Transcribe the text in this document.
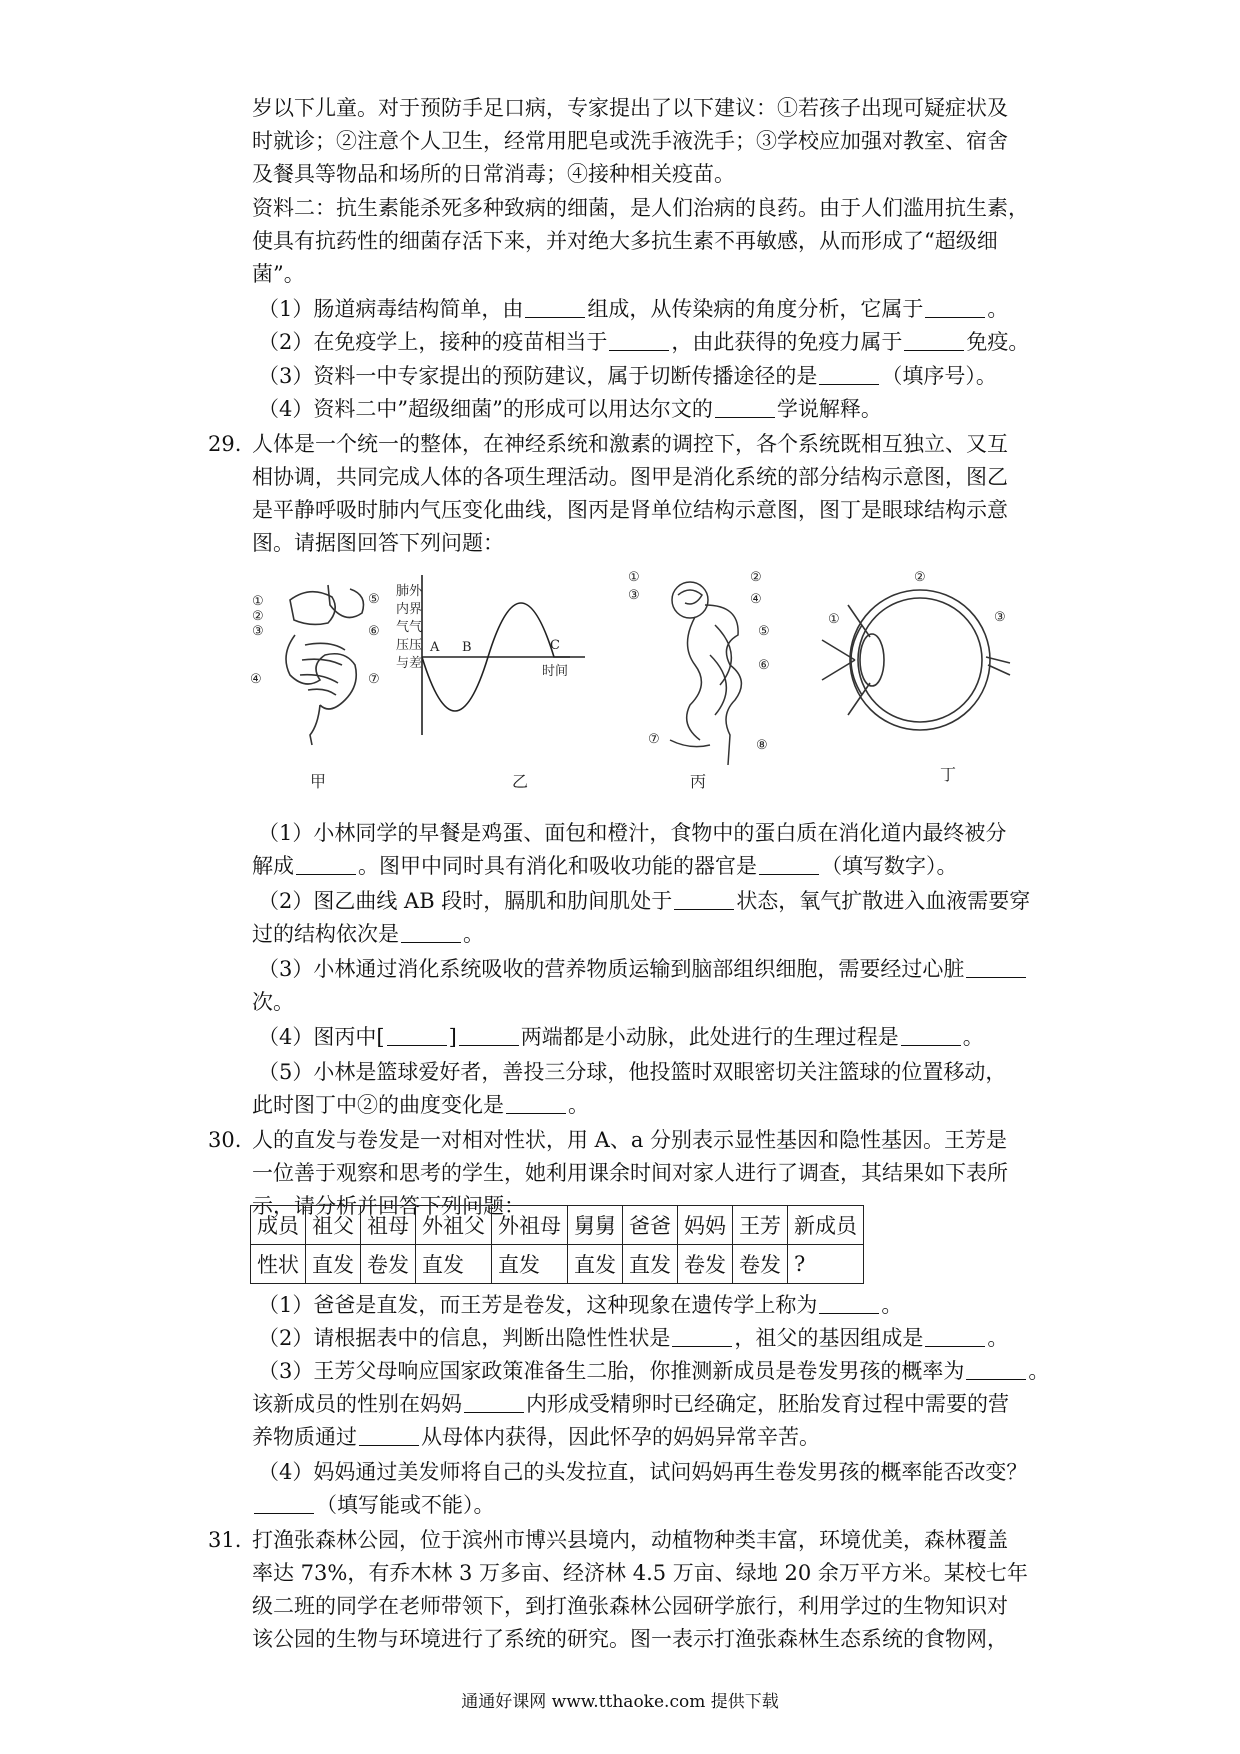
岁以下儿童。对于预防手足口病，专家提出了以下建议：①若孩子出现可疑症状及
时就诊；②注意个人卫生，经常用肥皂或洗手液洗手；③学校应加强对教室、宿舍
及餐具等物品和场所的日常消毒；④接种相关疫苗。
资料二：抗生素能杀死多种致病的细菌，是人们治病的良药。由于人们滥用抗生素，
使具有抗药性的细菌存活下来，并对绝大多抗生素不再敏感，从而形成了“超级细
菌”。
（1）肠道病毒结构简单，由	组成，从传染病的角度分析，它属于	。
（2）在免疫学上，接种的疫苗相当于	，由此获得的免疫力属于	免疫。
（3）资料一中专家提出的预防建议，属于切断传播途径的是	（填序号）。
（4）资料二中”超级细菌”的形成可以用达尔文的	学说解释。
29. 人体是一个统一的整体，在神经系统和激素的调控下，各个系统既相互独立、又互
相协调，共同完成人体的各项生理活动。图甲是消化系统的部分结构示意图，图乙
是平静呼吸时肺内气压变化曲线，图丙是肾单位结构示意图，图丁是眼球结构示意
图。请据图回答下列问题：
①
②
③
④
⑤
⑥
⑦
甲
肺外
内界
气气
压压
与差
A B	C
时间
乙
①	②
③	④
⑤
⑥
⑦	⑧
丙
①
②
③
丁
（1）小林同学的早餐是鸡蛋、面包和橙汁，食物中的蛋白质在消化道内最终被分
解成	。图甲中同时具有消化和吸收功能的器官是	（填写数字）。
（2）图乙曲线 AB 段时，膈肌和肋间肌处于	状态，氧气扩散进入血液需要穿
过的结构依次是	。
（3）小林通过消化系统吸收的营养物质运输到脑部组织细胞，需要经过心脏
次。
（4）图丙中[	]	两端都是小动脉，此处进行的生理过程是	。
（5）小林是篮球爱好者，善投三分球，他投篮时双眼密切关注篮球的位置移动，
此时图丁中②的曲度变化是	。
30. 人的直发与卷发是一对相对性状，用 A、a 分别表示显性基因和隐性基因。王芳是
一位善于观察和思考的学生，她利用课余时间对家人进行了调查，其结果如下表所
示，请分析并回答下列问题：
成员	祖父	祖母	外祖父	外祖母	舅舅	爸爸	妈妈	王芳	新成员
性状	直发	卷发	直发	直发	直发	直发	卷发	卷发	?
（1）爸爸是直发，而王芳是卷发，这种现象在遗传学上称为	。
（2）请根据表中的信息，判断出隐性性状是	，祖父的基因组成是	。
（3）王芳父母响应国家政策准备生二胎，你推测新成员是卷发男孩的概率为	。
该新成员的性别在妈妈	内形成受精卵时已经确定，胚胎发育过程中需要的营
养物质通过	从母体内获得，因此怀孕的妈妈异常辛苦。
（4）妈妈通过美发师将自己的头发拉直，试问妈妈再生卷发男孩的概率能否改变？
（填写能或不能）。
31. 打渔张森林公园，位于滨州市博兴县境内，动植物种类丰富，环境优美，森林覆盖
率达 73%，有乔木林 3 万多亩、经济林 4.5 万亩、绿地 20 余万平方米。某校七年
级二班的同学在老师带领下，到打渔张森林公园研学旅行，利用学过的生物知识对
该公园的生物与环境进行了系统的研究。图一表示打渔张森林生态系统的食物网，
通通好课网 www.tthaoke.com 提供下载
